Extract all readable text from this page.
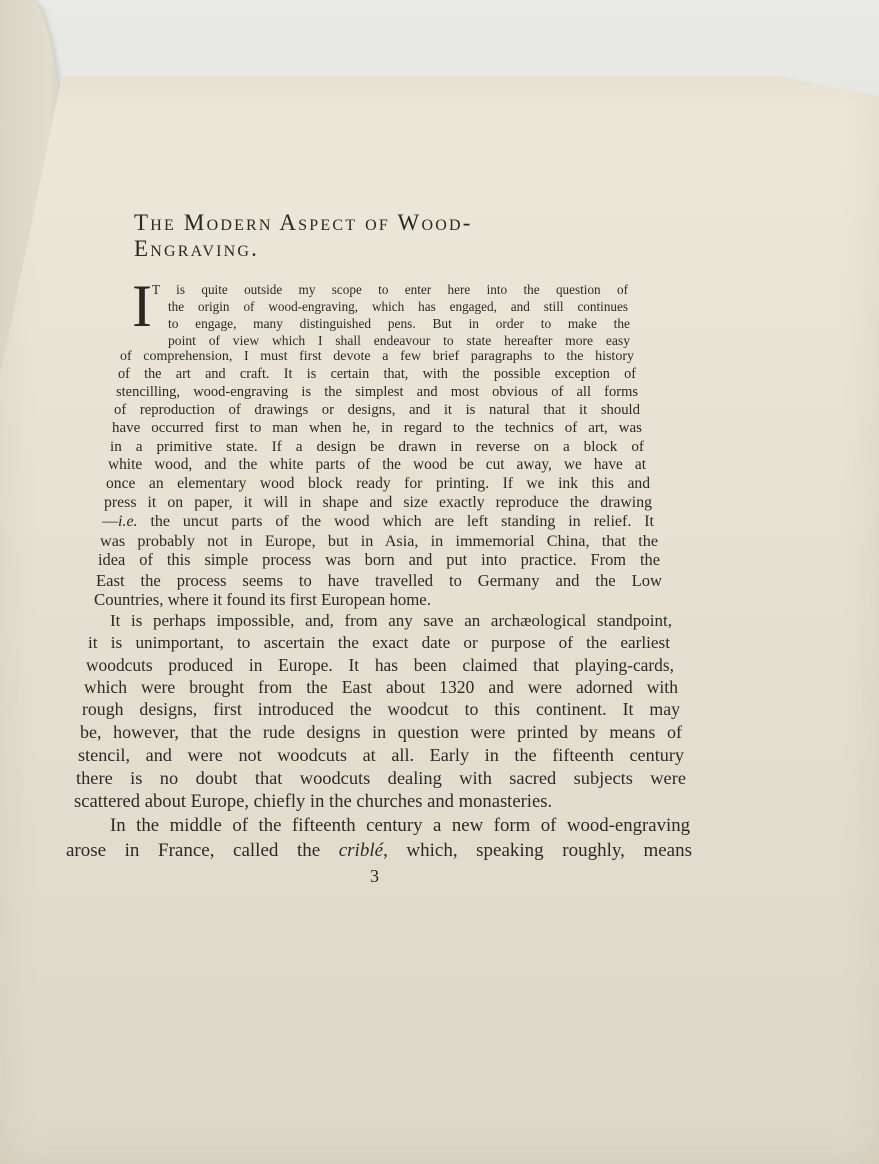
The Modern Aspect of Wood-
Engraving.
I T is quite outside my scope to enter here into the question of
the origin of wood-engraving, which has engaged, and still continues
to engage, many distinguished pens. But in order to make the
point of view which I shall endeavour to state hereafter more easy
of comprehension, I must first devote a few brief paragraphs to the history
of the art and craft. It is certain that, with the possible exception of
stencilling, wood-engraving is the simplest and most obvious of all forms
of reproduction of drawings or designs, and it is natural that it should
have occurred first to man when he, in regard to the technics of art, was
in a primitive state. If a design be drawn in reverse on a block of
white wood, and the white parts of the wood be cut away, we have at
once an elementary wood block ready for printing. If we ink this and
press it on paper, it will in shape and size exactly reproduce the drawing
—i.e. the uncut parts of the wood which are left standing in relief. It
was probably not in Europe, but in Asia, in immemorial China, that the
idea of this simple process was born and put into practice. From the
East the process seems to have travelled to Germany and the Low
Countries, where it found its first European home.
It is perhaps impossible, and, from any save an archæological standpoint,
it is unimportant, to ascertain the exact date or purpose of the earliest
woodcuts produced in Europe. It has been claimed that playing-cards,
which were brought from the East about 1320 and were adorned with
rough designs, first introduced the woodcut to this continent. It may
be, however, that the rude designs in question were printed by means of
stencil, and were not woodcuts at all. Early in the fifteenth century
there is no doubt that woodcuts dealing with sacred subjects were
scattered about Europe, chiefly in the churches and monasteries.
In the middle of the fifteenth century a new form of wood-engraving
arose in France, called the criblé, which, speaking roughly, means
3
